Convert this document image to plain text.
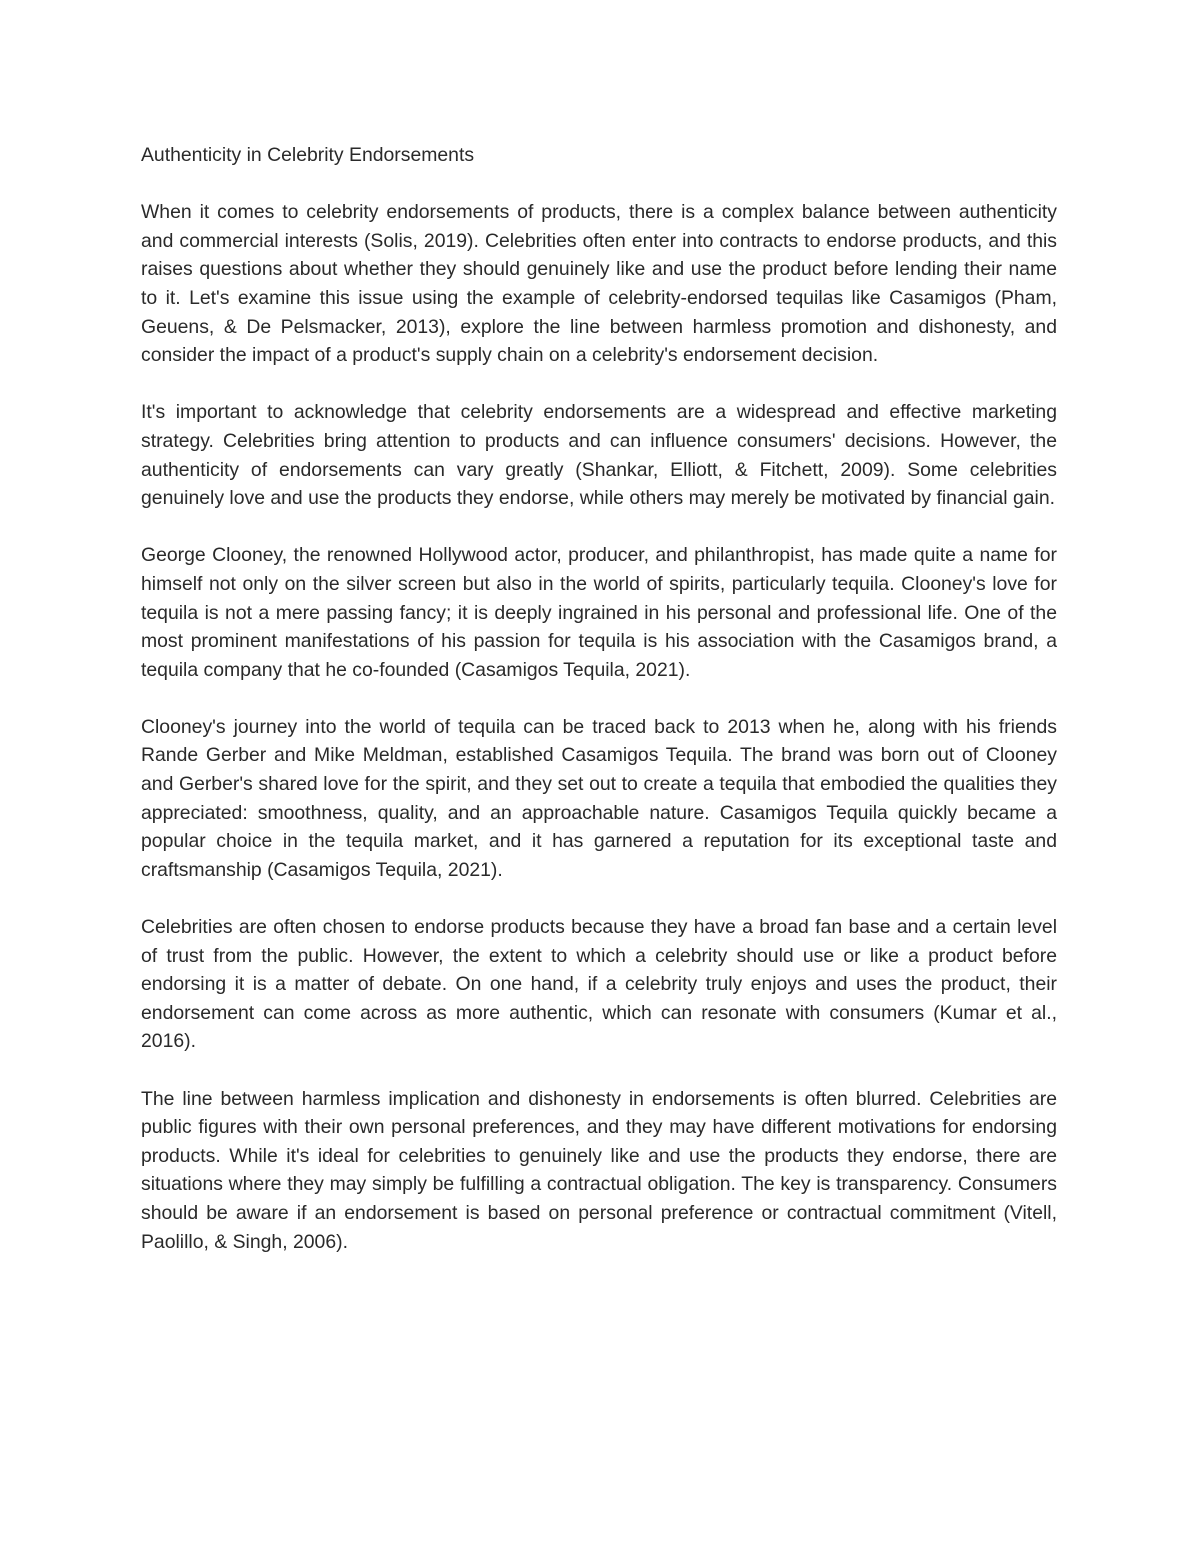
Authenticity in Celebrity Endorsements

When it comes to celebrity endorsements of products, there is a complex balance between authenticity and commercial interests (Solis, 2019). Celebrities often enter into contracts to endorse products, and this raises questions about whether they should genuinely like and use the product before lending their name to it. Let's examine this issue using the example of celebrity-endorsed tequilas like Casamigos (Pham, Geuens, & De Pelsmacker, 2013), explore the line between harmless promotion and dishonesty, and consider the impact of a product's supply chain on a celebrity's endorsement decision.

It's important to acknowledge that celebrity endorsements are a widespread and effective marketing strategy. Celebrities bring attention to products and can influence consumers' decisions. However, the authenticity of endorsements can vary greatly (Shankar, Elliott, & Fitchett, 2009). Some celebrities genuinely love and use the products they endorse, while others may merely be motivated by financial gain.

George Clooney, the renowned Hollywood actor, producer, and philanthropist, has made quite a name for himself not only on the silver screen but also in the world of spirits, particularly tequila. Clooney's love for tequila is not a mere passing fancy; it is deeply ingrained in his personal and professional life. One of the most prominent manifestations of his passion for tequila is his association with the Casamigos brand, a tequila company that he co-founded (Casamigos Tequila, 2021).

Clooney's journey into the world of tequila can be traced back to 2013 when he, along with his friends Rande Gerber and Mike Meldman, established Casamigos Tequila. The brand was born out of Clooney and Gerber's shared love for the spirit, and they set out to create a tequila that embodied the qualities they appreciated: smoothness, quality, and an approachable nature. Casamigos Tequila quickly became a popular choice in the tequila market, and it has garnered a reputation for its exceptional taste and craftsmanship (Casamigos Tequila, 2021).

Celebrities are often chosen to endorse products because they have a broad fan base and a certain level of trust from the public. However, the extent to which a celebrity should use or like a product before endorsing it is a matter of debate. On one hand, if a celebrity truly enjoys and uses the product, their endorsement can come across as more authentic, which can resonate with consumers (Kumar et al., 2016).

The line between harmless implication and dishonesty in endorsements is often blurred. Celebrities are public figures with their own personal preferences, and they may have different motivations for endorsing products. While it's ideal for celebrities to genuinely like and use the products they endorse, there are situations where they may simply be fulfilling a contractual obligation. The key is transparency. Consumers should be aware if an endorsement is based on personal preference or contractual commitment (Vitell, Paolillo, & Singh, 2006).
